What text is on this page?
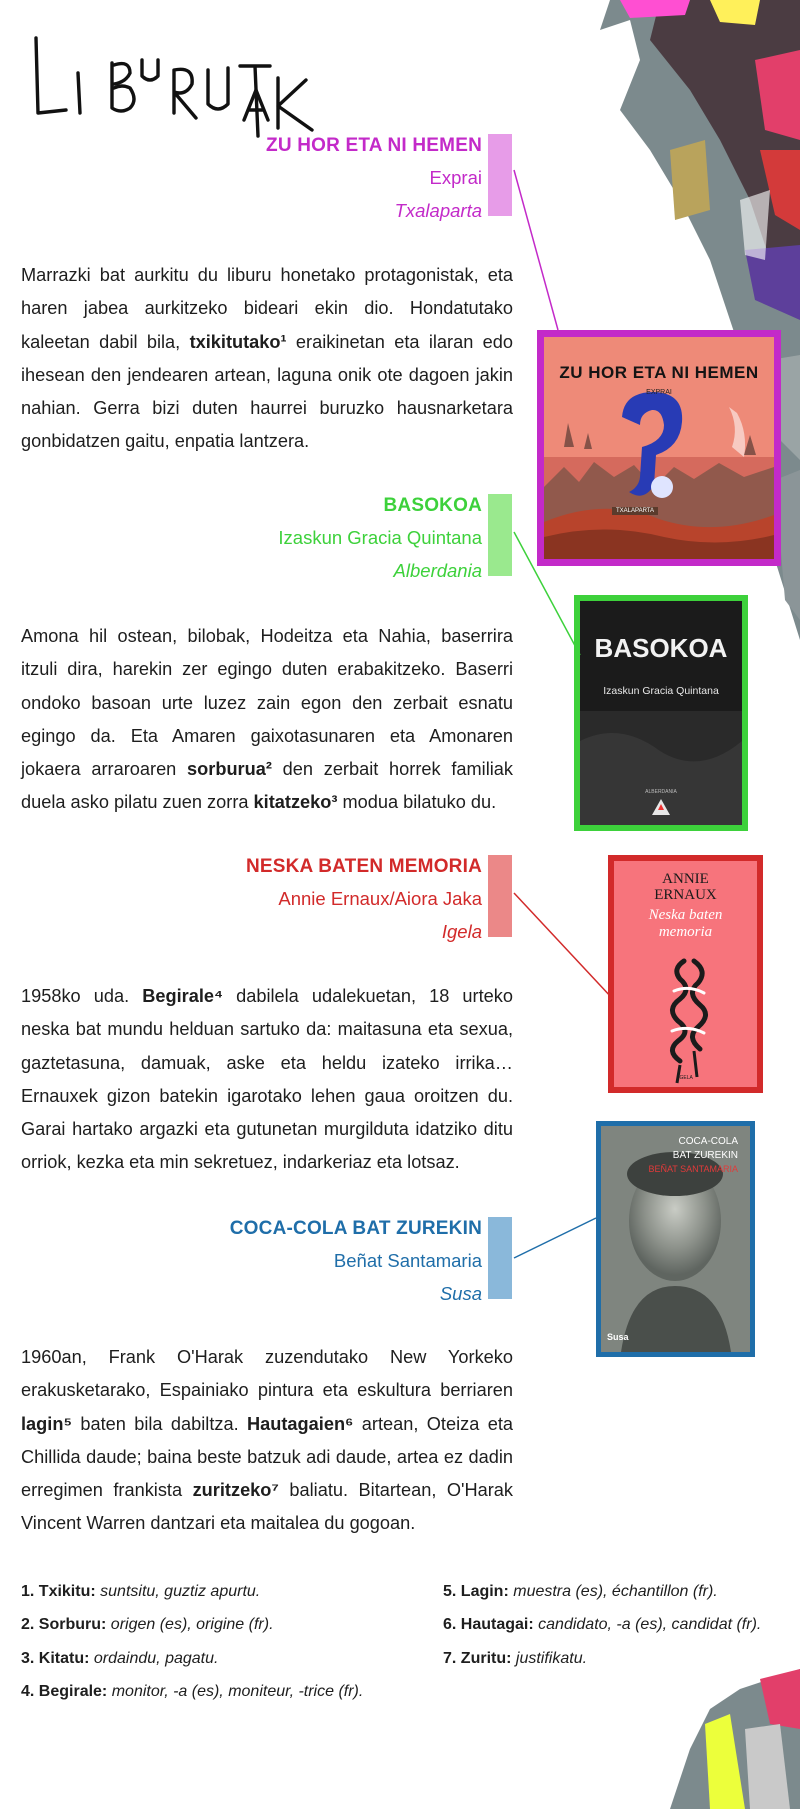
ZU HOR ETA NI HEMEN
Exprai
Txalaparta

Marrazki bat aurkitu du liburu honetako protagonistak, eta haren jabea aurkitzeko bideari ekin dio. Hondatutako kaleetan dabil bila, txikitutako¹ eraikinetan eta ilaran edo ihesean den jendearen artean, laguna onik ote dagoen jakin nahian. Gerra bizi duten haurrei buruzko hausnarketara gonbidatzen gaitu, enpatia lantzera.

ZU HOR ETA NI HEMEN
EXPRAI
TXALAPARTA
BASOKOA
Izaskun Gracia Quintana
Alberdania

Amona hil ostean, bilobak, Hodeitza eta Nahia, baserrira itzuli dira, harekin zer egingo duten erabakitzeko. Baserri ondoko basoan urte luzez zain egon den zerbait esnatu egingo da. Eta Amaren gaixotasunaren eta Amonaren jokaera arraroaren sorburua² den zerbait horrek familiak duela asko pilatu zuen zorra kitatzeko³ modua bilatuko du.

BASOKOA
Izaskun Gracia Quintana
ALBERDANIA
NESKA BATEN MEMORIA
Annie Ernaux/Aiora Jaka
Igela

1958ko uda. Begirale⁴ dabilela udalekuetan, 18 urteko neska bat mundu helduan sartuko da: maitasuna eta sexua, gaztetasuna, damuak, aske eta heldu izateko irrika… Ernauxek gizon batekin igarotako lehen gaua oroitzen du. Garai hartako argazki eta gutunetan murgilduta idatziko ditu orriok, kezka eta min sekretuez, indarkeriaz eta lotsaz.

ANNIE ERNAUX
Neska baten memoria
IGELA
COCA-COLA BAT ZUREKIN
Beñat Santamaria
Susa

1960an, Frank O'Harak zuzendutako New Yorkeko erakusketarako, Espainiako pintura eta eskultura berriaren lagin⁵ baten bila dabiltza. Hautagaien⁶ artean, Oteiza eta Chillida daude; baina beste batzuk adi daude, artea ez dadin erregimen frankista zuritzeko⁷ baliatu. Bitartean, O'Harak Vincent Warren dantzari eta maitalea du gogoan.

COCA-COLA
BAT ZUREKIN
BEÑAT SANTAMARIA
Susa
1. Txikitu: suntsitu, guztiz apurtu.
2. Sorburu: origen (es), origine (fr).
3. Kitatu: ordaindu, pagatu.
4. Begirale: monitor, -a (es), moniteur, -trice (fr).
5. Lagin: muestra (es), échantillon (fr).
6. Hautagai: candidato, -a (es), candidat (fr).
7. Zuritu: justifikatu.
